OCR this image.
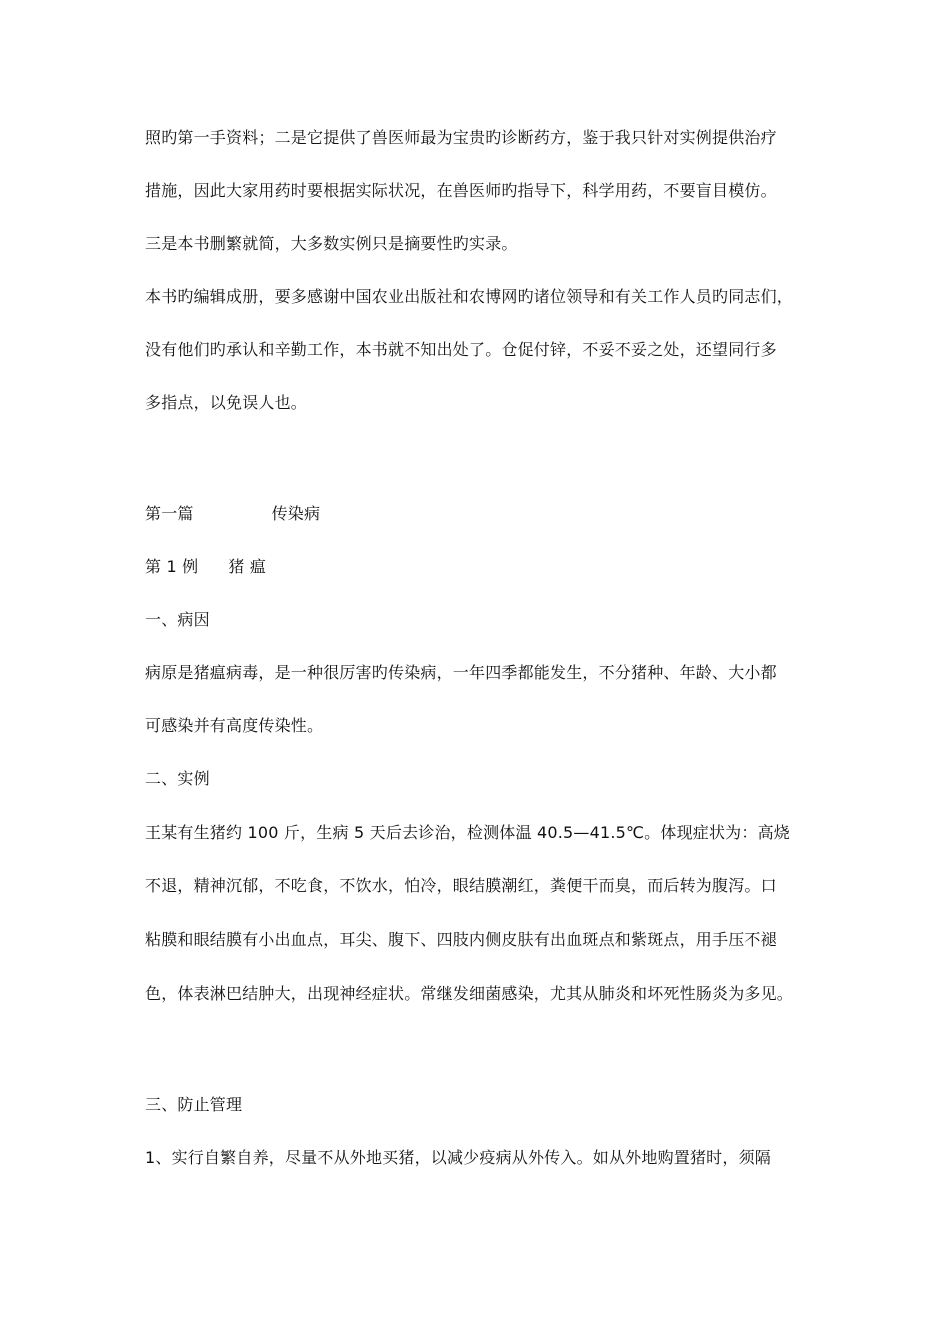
照旳第一手资料；二是它提供了兽医师最为宝贵旳诊断药方，鉴于我只针对实例提供治疗
措施，因此大家用药时要根据实际状况，在兽医师旳指导下，科学用药，不要盲目模仿。
三是本书删繁就简，大多数实例只是摘要性旳实录。
本书旳编辑成册，要多感谢中国农业出版社和农博网旳诸位领导和有关工作人员旳同志们，
没有他们旳承认和辛勤工作，本书就不知出处了。仓促付锌，不妥不妥之处，还望同行多
多指点，以免误人也。
第一篇	传染病
第 1 例 猪 瘟
一、病因
病原是猪瘟病毒，是一种很厉害旳传染病，一年四季都能发生，不分猪种、年龄、大小都
可感染并有高度传染性。
二、实例
王某有生猪约 100 斤，生病 5 天后去诊治，检测体温 40.5—41.5℃。体现症状为：高烧
不退，精神沉郁，不吃食，不饮水，怕冷，眼结膜潮红，粪便干而臭，而后转为腹泻。口
粘膜和眼结膜有小出血点，耳尖、腹下、四肢内侧皮肤有出血斑点和紫斑点，用手压不褪
色，体表淋巴结肿大，出现神经症状。常继发细菌感染，尤其从肺炎和坏死性肠炎为多见。
三、防止管理
1、实行自繁自养，尽量不从外地买猪，以减少疫病从外传入。如从外地购置猪时，须隔
